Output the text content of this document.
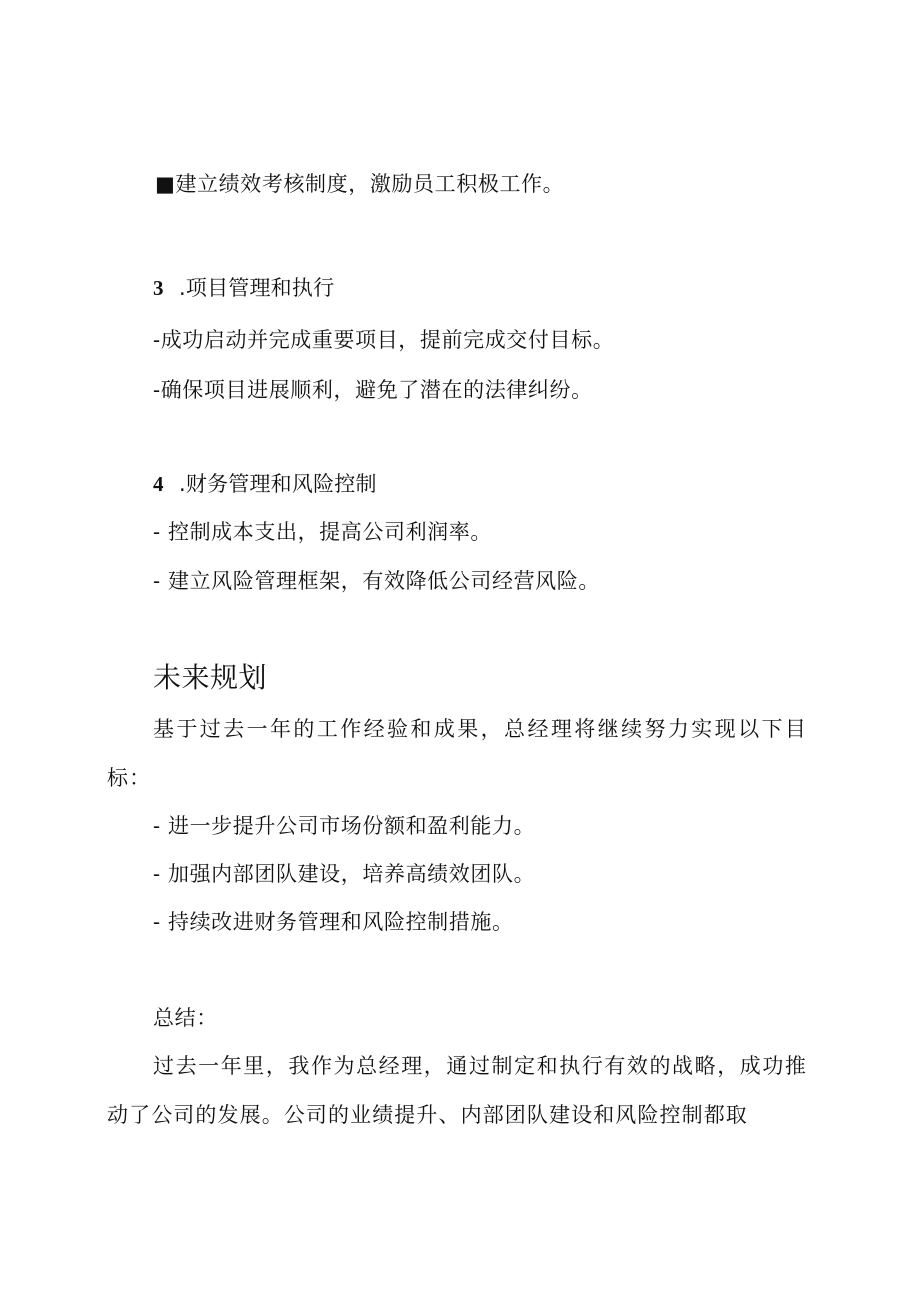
■建立绩效考核制度，激励员工积极工作。
3 .项目管理和执行
-成功启动并完成重要项目，提前完成交付目标。
-确保项目进展顺利，避免了潜在的法律纠纷。
4 .财务管理和风险控制
- 控制成本支出，提高公司利润率。
- 建立风险管理框架，有效降低公司经营风险。
未来规划
基于过去一年的工作经验和成果，总经理将继续努力实现以下目标：
- 进一步提升公司市场份额和盈利能力。
- 加强内部团队建设，培养高绩效团队。
- 持续改进财务管理和风险控制措施。
总结：
过去一年里，我作为总经理，通过制定和执行有效的战略，成功推动了公司的发展。公司的业绩提升、内部团队建设和风险控制都取
